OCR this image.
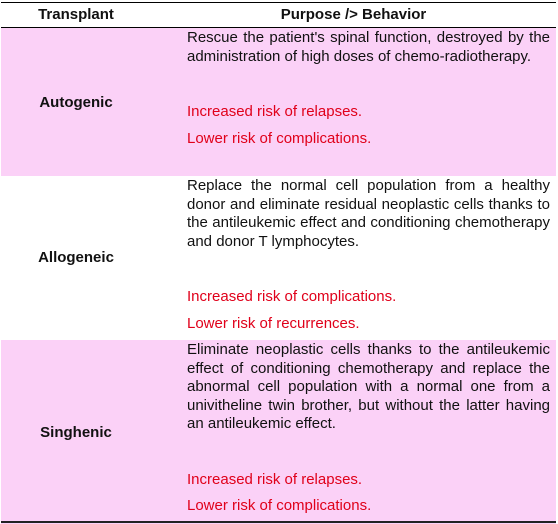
Transplant	Purpose /> Behavior
Autogenic
Rescue the patient's spinal function, destroyed by the administration of high doses of chemo-radiotherapy.

Increased risk of relapses.

Lower risk of complications.

Allogeneic
Replace the normal cell population from a healthy donor and eliminate residual neoplastic cells thanks to the antileukemic effect and conditioning chemotherapy and donor T lymphocytes.

Increased risk of complications.

Lower risk of recurrences.

Singhenic
Eliminate neoplastic cells thanks to the antileukemic effect of conditioning chemotherapy and replace the abnormal cell population with a normal one from a univitheline twin brother, but without the latter having an antileukemic effect.

Increased risk of relapses.

Lower risk of complications.
